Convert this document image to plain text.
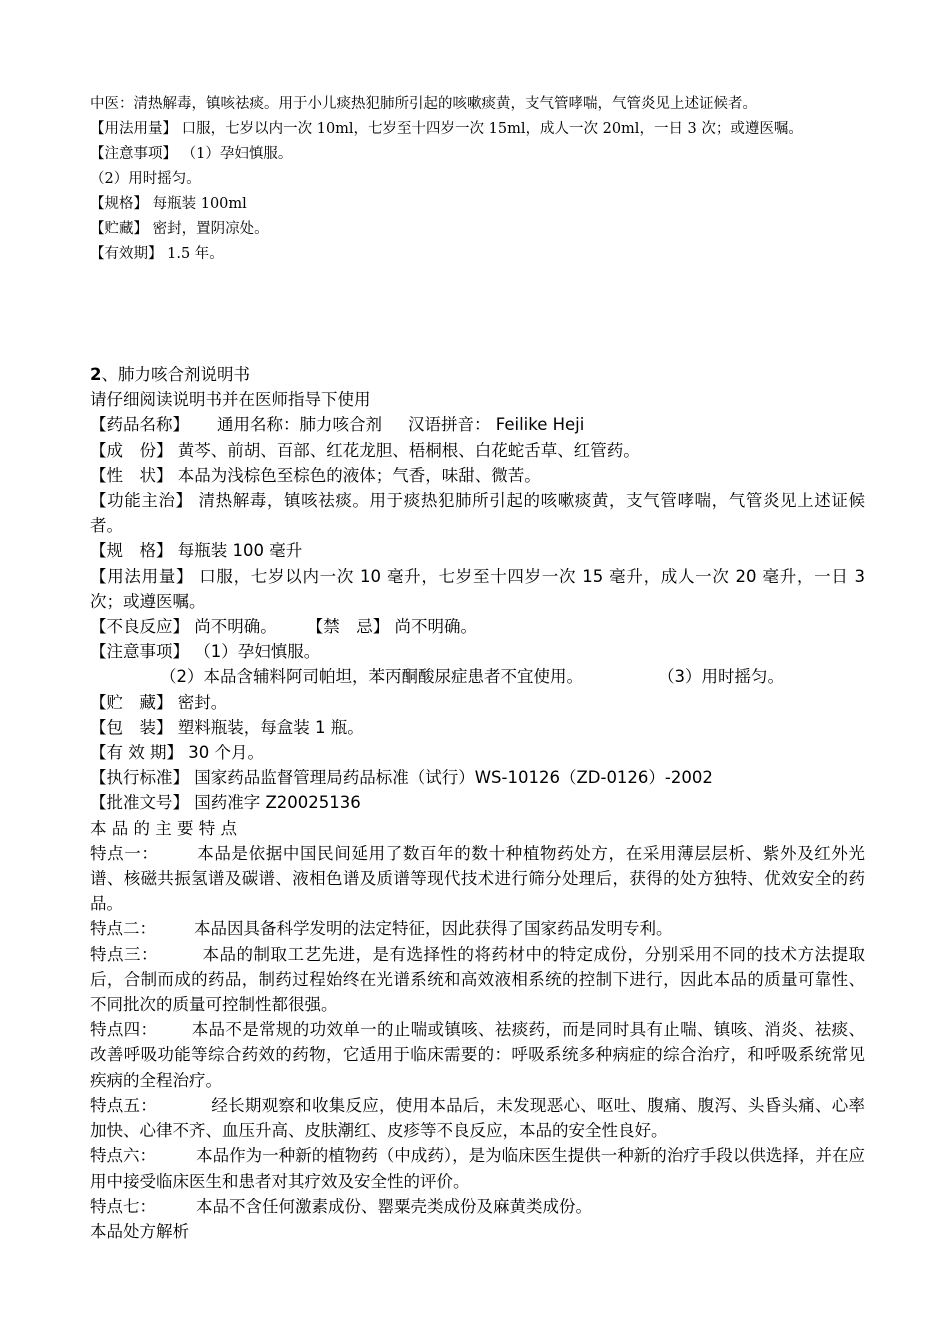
中医：清热解毒，镇咳祛痰。用于小儿痰热犯肺所引起的咳嗽痰黄，支气管哮喘，气管炎见上述证候者。

【用法用量】 口服，七岁以内一次 10ml，七岁至十四岁一次 15ml，成人一次 20ml，一日 3 次；或遵医嘱。

【注意事项】 （1）孕妇慎服。

（2）用时摇匀。

【规格】 每瓶装 100ml

【贮藏】 密封，置阴凉处。

【有效期】 1.5 年。

2、肺力咳合剂说明书

请仔细阅读说明书并在医师指导下使用

【药品名称】 通用名称：肺力咳合剂 汉语拼音： Feilike Heji

【成　份】 黄芩、前胡、百部、红花龙胆、梧桐根、白花蛇舌草、红管药。

【性　状】 本品为浅棕色至棕色的液体；气香，味甜、微苦。

【功能主治】 清热解毒，镇咳祛痰。用于痰热犯肺所引起的咳嗽痰黄，支气管哮喘，气管炎见上述证候者。

【规　格】 每瓶装 100 毫升

【用法用量】 口服，七岁以内一次 10 毫升，七岁至十四岁一次 15 毫升，成人一次 20 毫升，一日 3 次；或遵医嘱。

【不良反应】 尚不明确。 【禁　忌】 尚不明确。

【注意事项】 （1）孕妇慎服。

（2）本品含辅料阿司帕坦，苯丙酮酸尿症患者不宜使用。	（3）用时摇匀。

【贮　藏】 密封。

【包　装】 塑料瓶装，每盒装 1 瓶。

【有 效 期】 30 个月。

【执行标准】 国家药品监督管理局药品标准（试行）WS-10126（ZD-0126）-2002

【批准文号】 国药准字 Z20025136

本 品 的 主 要 特 点

特点一： 本品是依据中国民间延用了数百年的数十种植物药处方，在采用薄层层析、紫外及红外光谱、核磁共振氢谱及碳谱、液相色谱及质谱等现代技术进行筛分处理后，获得的处方独特、优效安全的药品。

特点二： 本品因具备科学发明的法定特征，因此获得了国家药品发明专利。

特点三：	本品的制取工艺先进，是有选择性的将药材中的特定成份，分别采用不同的技术方法提取后，合制而成的药品，制药过程始终在光谱系统和高效液相系统的控制下进行，因此本品的质量可靠性、不同批次的质量可控制性都很强。

特点四： 本品不是常规的功效单一的止喘或镇咳、祛痰药，而是同时具有止喘、镇咳、消炎、祛痰、改善呼吸功能等综合药效的药物，它适用于临床需要的：呼吸系统多种病症的综合治疗，和呼吸系统常见疾病的全程治疗。

特点五：	经长期观察和收集反应，使用本品后，未发现恶心、呕吐、腹痛、腹泻、头昏头痛、心率加快、心律不齐、血压升高、皮肤潮红、皮疹等不良反应，本品的安全性良好。

特点六： 本品作为一种新的植物药（中成药），是为临床医生提供一种新的治疗手段以供选择，并在应用中接受临床医生和患者对其疗效及安全性的评价。

特点七： 本品不含任何激素成份、罂粟壳类成份及麻黄类成份。

本品处方解析
